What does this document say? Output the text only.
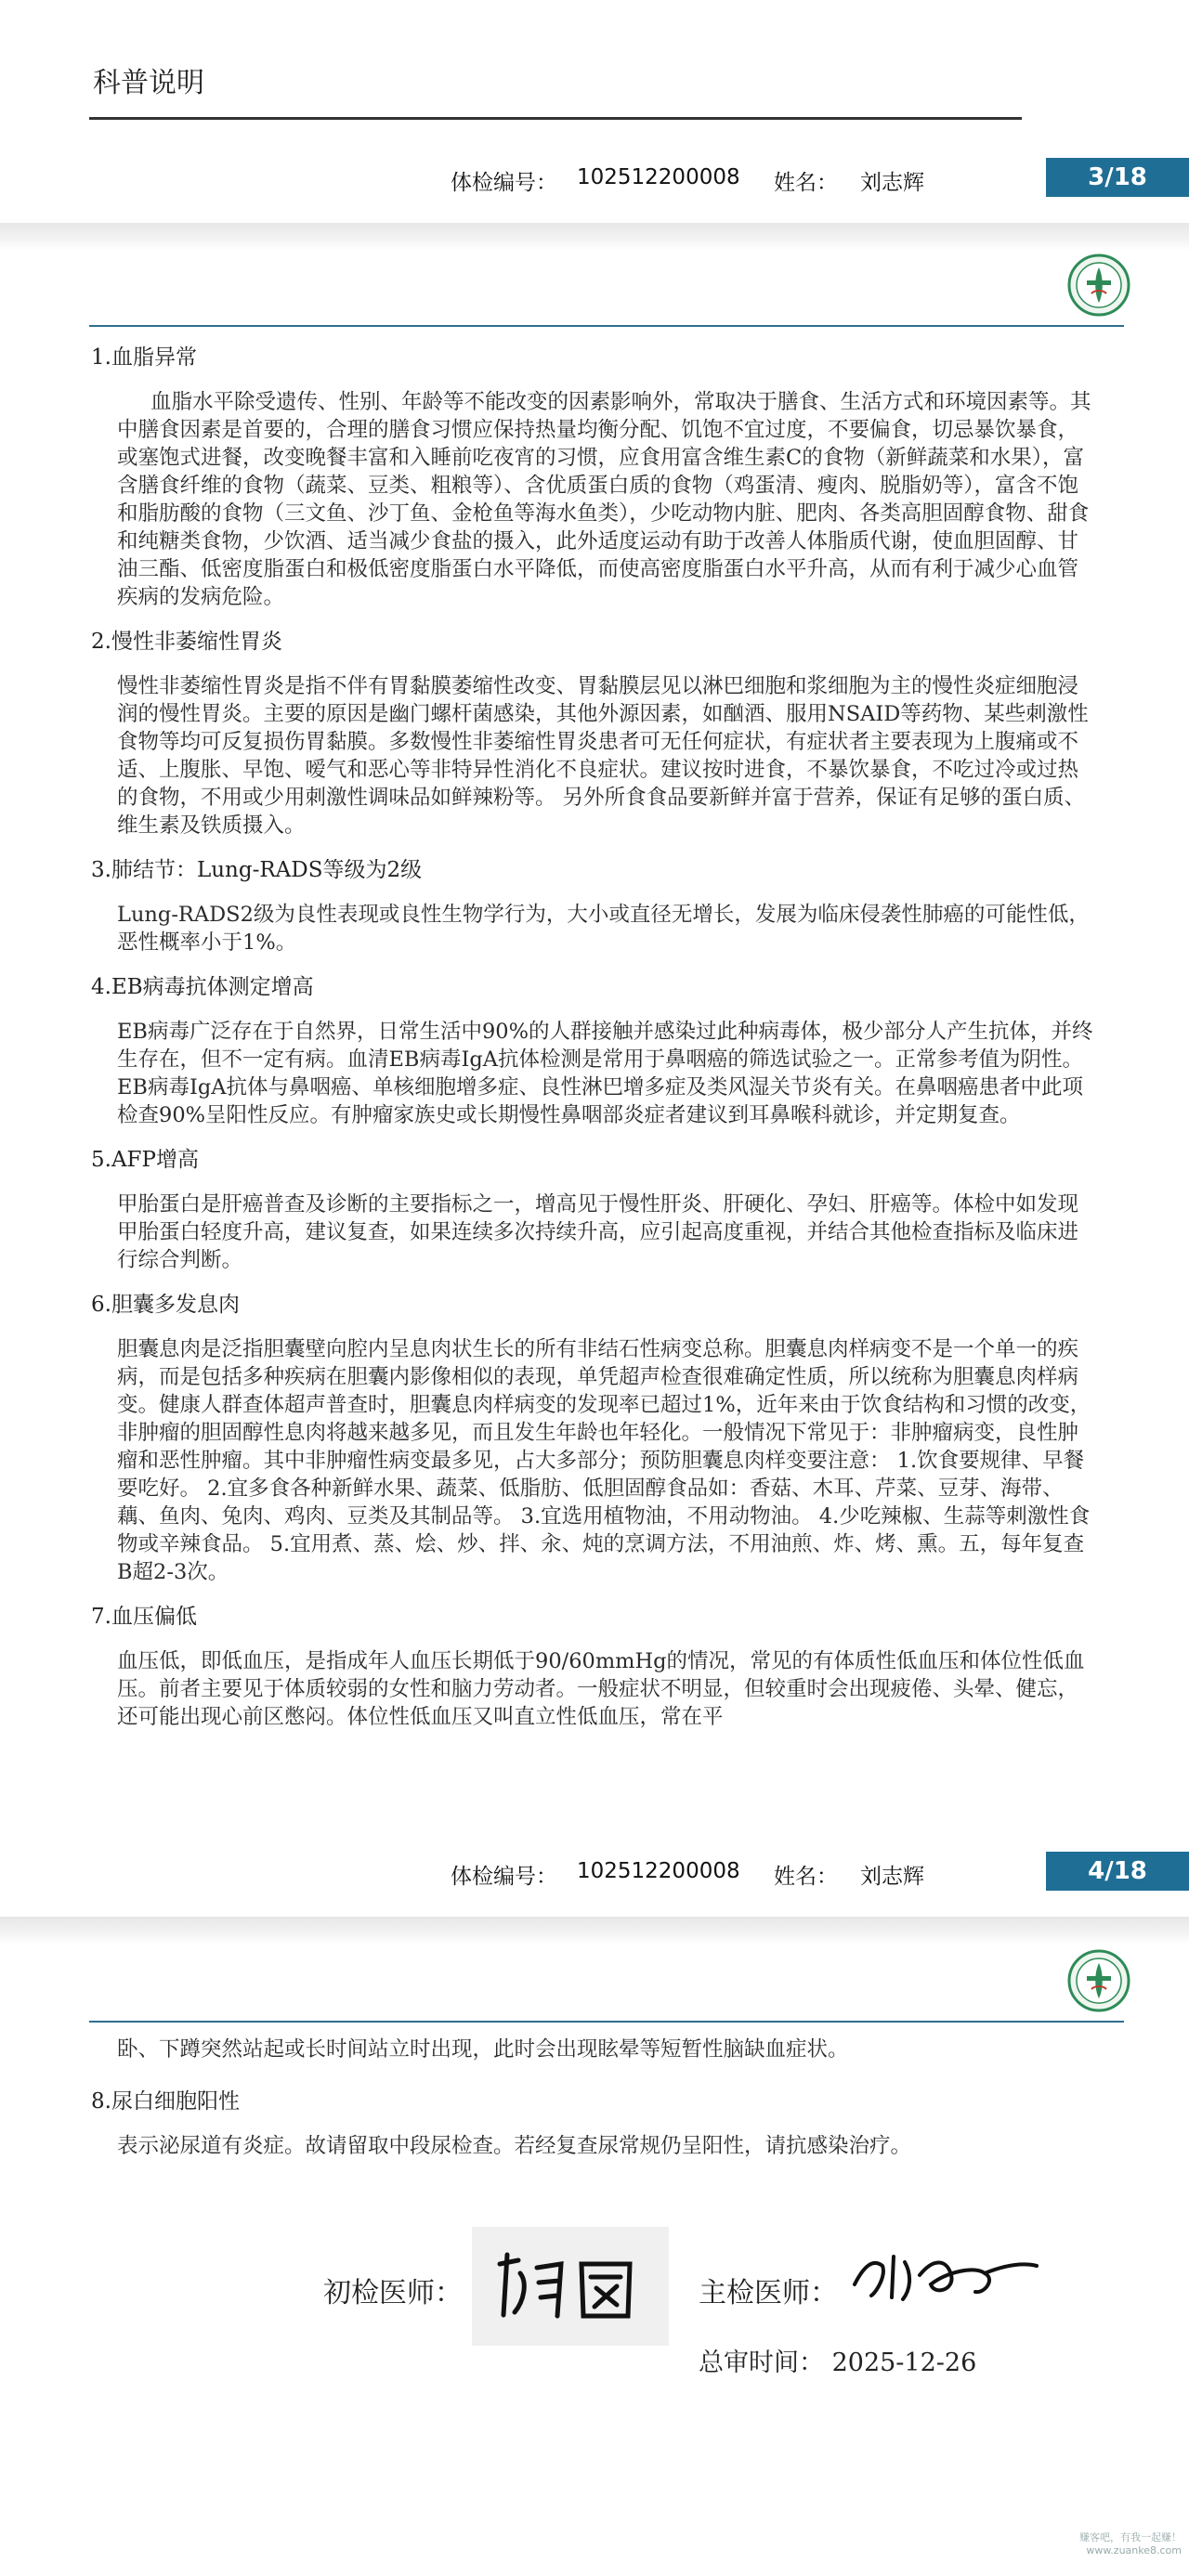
科普说明
体检编号： 102512200008 姓名： 刘志辉	3/18

1.血脂异常

血脂水平除受遗传、性别、年龄等不能改变的因素影响外，常取决于膳食、生活方式和环境因素等。其中膳食因素是首要的，合理的膳食习惯应保持热量均衡分配、饥饱不宜过度，不要偏食，切忌暴饮暴食，或塞饱式进餐，改变晚餐丰富和入睡前吃夜宵的习惯，应食用富含维生素C的食物（新鲜蔬菜和水果），富含膳食纤维的食物（蔬菜、豆类、粗粮等）、含优质蛋白质的食物（鸡蛋清、瘦肉、脱脂奶等），富含不饱和脂肪酸的食物（三文鱼、沙丁鱼、金枪鱼等海水鱼类），少吃动物内脏、肥肉、各类高胆固醇食物、甜食和纯糖类食物，少饮酒、适当减少食盐的摄入，此外适度运动有助于改善人体脂质代谢，使血胆固醇、甘油三酯、低密度脂蛋白和极低密度脂蛋白水平降低，而使高密度脂蛋白水平升高，从而有利于减少心血管疾病的发病危险。

2.慢性非萎缩性胃炎

慢性非萎缩性胃炎是指不伴有胃黏膜萎缩性改变、胃黏膜层见以淋巴细胞和浆细胞为主的慢性炎症细胞浸润的慢性胃炎。主要的原因是幽门螺杆菌感染，其他外源因素，如酗酒、服用NSAID等药物、某些刺激性食物等均可反复损伤胃黏膜。多数慢性非萎缩性胃炎患者可无任何症状，有症状者主要表现为上腹痛或不适、上腹胀、早饱、嗳气和恶心等非特异性消化不良症状。建议按时进食，不暴饮暴食，不吃过冷或过热的食物，不用或少用刺激性调味品如鲜辣粉等。 另外所食食品要新鲜并富于营养，保证有足够的蛋白质、维生素及铁质摄入。

3.肺结节：Lung-RADS等级为2级

Lung-RADS2级为良性表现或良性生物学行为，大小或直径无增长，发展为临床侵袭性肺癌的可能性低，恶性概率小于1%。

4.EB病毒抗体测定增高

EB病毒广泛存在于自然界，日常生活中90%的人群接触并感染过此种病毒体，极少部分人产生抗体，并终生存在，但不一定有病。血清EB病毒IgA抗体检测是常用于鼻咽癌的筛选试验之一。正常参考值为阴性。EB病毒IgA抗体与鼻咽癌、单核细胞增多症、良性淋巴增多症及类风湿关节炎有关。在鼻咽癌患者中此项检查90%呈阳性反应。有肿瘤家族史或长期慢性鼻咽部炎症者建议到耳鼻喉科就诊，并定期复查。

5.AFP增高

甲胎蛋白是肝癌普查及诊断的主要指标之一，增高见于慢性肝炎、肝硬化、孕妇、肝癌等。体检中如发现甲胎蛋白轻度升高，建议复查，如果连续多次持续升高，应引起高度重视，并结合其他检查指标及临床进行综合判断。

6.胆囊多发息肉

胆囊息肉是泛指胆囊壁向腔内呈息肉状生长的所有非结石性病变总称。胆囊息肉样病变不是一个单一的疾病，而是包括多种疾病在胆囊内影像相似的表现，单凭超声检查很难确定性质，所以统称为胆囊息肉样病变。健康人群查体超声普查时，胆囊息肉样病变的发现率已超过1%，近年来由于饮食结构和习惯的改变，非肿瘤的胆固醇性息肉将越来越多见，而且发生年龄也年轻化。一般情况下常见于：非肿瘤病变，良性肿瘤和恶性肿瘤。其中非肿瘤性病变最多见，占大多部分；预防胆囊息肉样变要注意： 1.饮食要规律、早餐要吃好。 2.宜多食各种新鲜水果、蔬菜、低脂肪、低胆固醇食品如：香菇、木耳、芹菜、豆芽、海带、藕、鱼肉、兔肉、鸡肉、豆类及其制品等。 3.宜选用植物油，不用动物油。 4.少吃辣椒、生蒜等刺激性食物或辛辣食品。 5.宜用煮、蒸、烩、炒、拌、汆、炖的烹调方法，不用油煎、炸、烤、熏。五，每年复查B超2-3次。

7.血压偏低

血压低，即低血压，是指成年人血压长期低于90/60mmHg的情况，常见的有体质性低血压和体位性低血压。前者主要见于体质较弱的女性和脑力劳动者。一般症状不明显，但较重时会出现疲倦、头晕、健忘，还可能出现心前区憋闷。体位性低血压又叫直立性低血压，常在平

体检编号： 102512200008 姓名： 刘志辉	4/18

卧、下蹲突然站起或长时间站立时出现，此时会出现眩晕等短暂性脑缺血症状。

8.尿白细胞阳性

表示泌尿道有炎症。故请留取中段尿检查。若经复查尿常规仍呈阳性，请抗感染治疗。

初检医师：	主检医师：
总审时间： 2025-12-26
赚客吧，有我一起赚！
www.zuanke8.com
